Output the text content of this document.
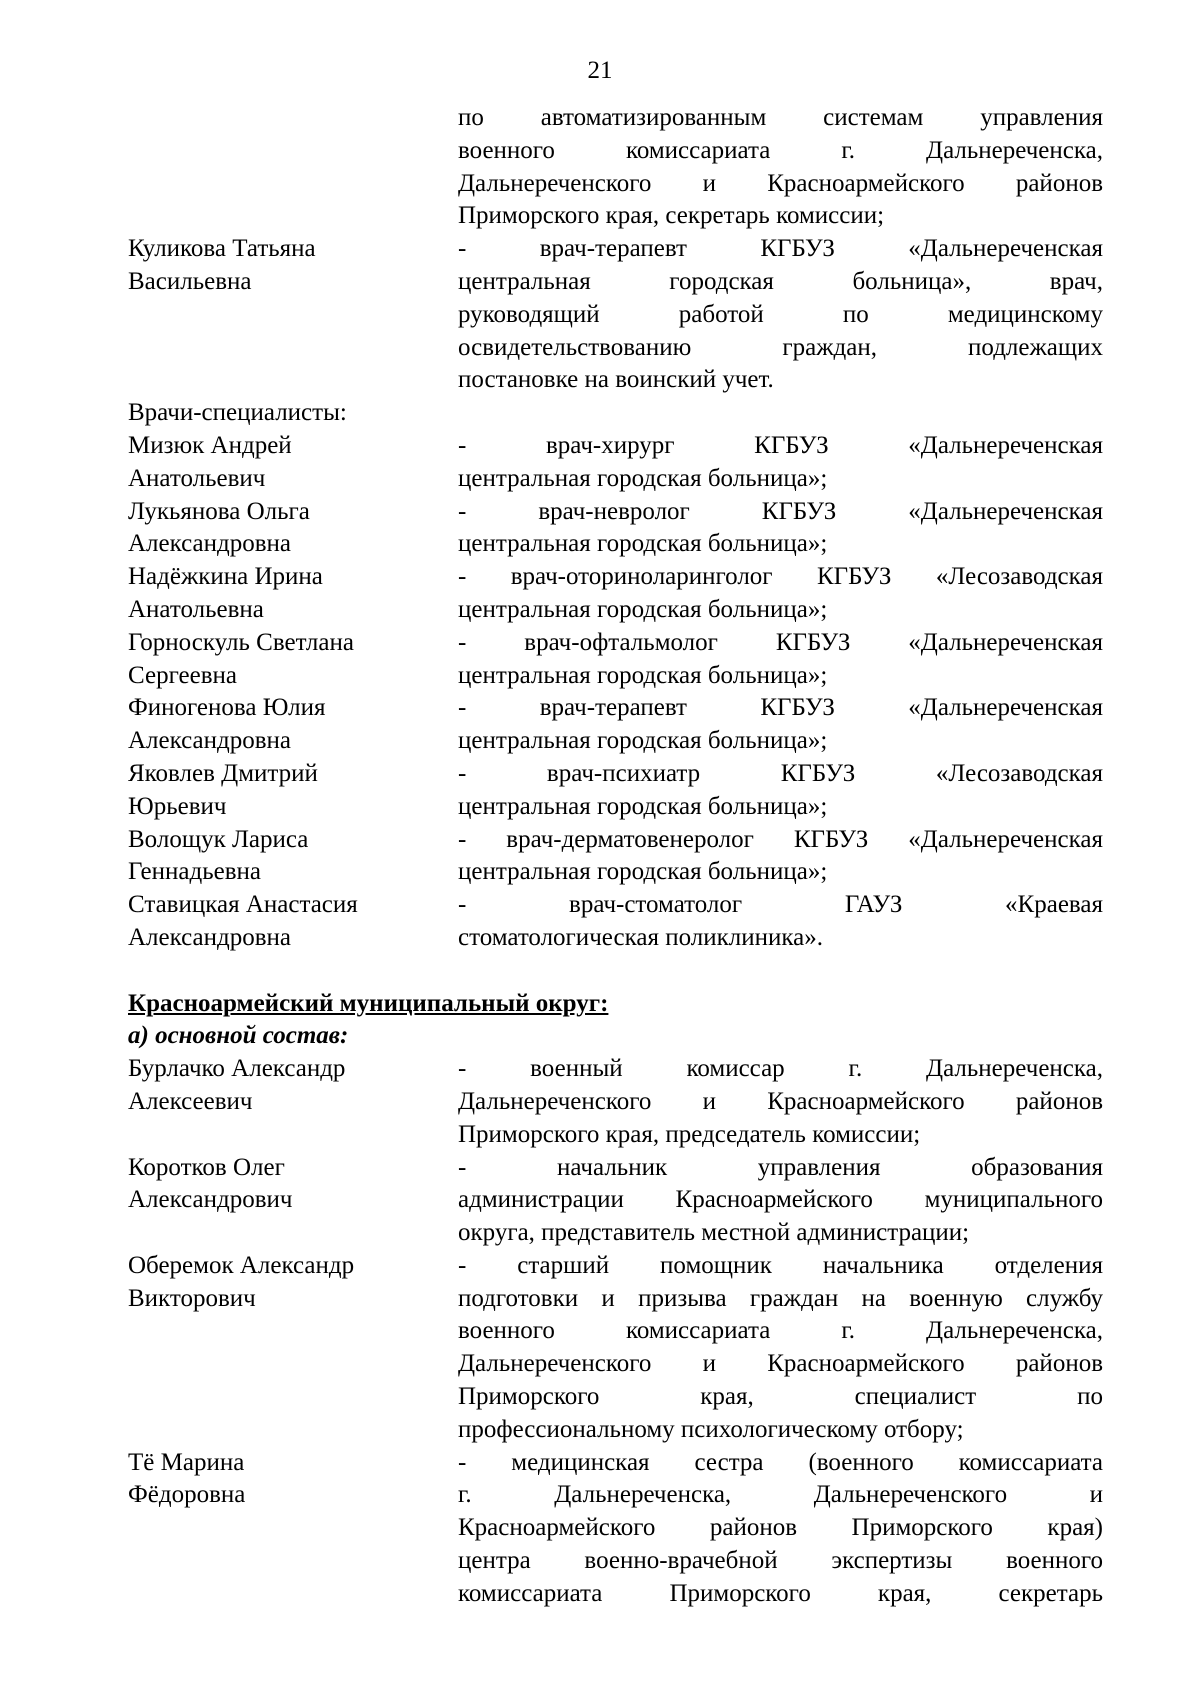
21
по автоматизированным системам управления
военного комиссариата г. Дальнереченска,
Дальнереченского и Красноармейского районов
Приморского края, секретарь комиссии;
Куликова Татьяна
Васильевна
- врач-терапевт КГБУЗ «Дальнереченская
центральная городская больница», врач,
руководящий работой по медицинскому
освидетельствованию граждан, подлежащих
постановке на воинский учет.
Врачи-специалисты:
Мизюк Андрей
Анатольевич
- врач-хирург КГБУЗ «Дальнереченская
центральная городская больница»;
Лукьянова Ольга
Александровна
- врач-невролог КГБУЗ «Дальнереченская
центральная городская больница»;
Надёжкина Ирина
Анатольевна
- врач-оториноларинголог КГБУЗ «Лесозаводская
центральная городская больница»;
Горноскуль Светлана
Сергеевна
- врач-офтальмолог КГБУЗ «Дальнереченская
центральная городская больница»;
Финогенова Юлия
Александровна
- врач-терапевт КГБУЗ «Дальнереченская
центральная городская больница»;
Яковлев Дмитрий
Юрьевич
- врач-психиатр КГБУЗ «Лесозаводская
центральная городская больница»;
Волощук Лариса
Геннадьевна
- врач-дерматовенеролог КГБУЗ «Дальнереченская
центральная городская больница»;
Ставицкая Анастасия
Александровна
- врач-стоматолог ГАУЗ «Краевая
стоматологическая поликлиника».
Красноармейский муниципальный округ:
а) основной состав:
Бурлачко Александр
Алексеевич
- военный комиссар г. Дальнереченска,
Дальнереченского и Красноармейского районов
Приморского края, председатель комиссии;
Коротков Олег
Александрович
- начальник управления образования
администрации Красноармейского муниципального
округа, представитель местной администрации;
Оберемок Александр
Викторович
- старший помощник начальника отделения
подготовки и призыва граждан на военную службу
военного комиссариата г. Дальнереченска,
Дальнереченского и Красноармейского районов
Приморского края, специалист по
профессиональному психологическому отбору;
Тё Марина
Фёдоровна
- медицинская сестра (военного комиссариата
г. Дальнереченска, Дальнереченского и
Красноармейского районов Приморского края)
центра военно-врачебной экспертизы военного
комиссариата Приморского края, секретарь
